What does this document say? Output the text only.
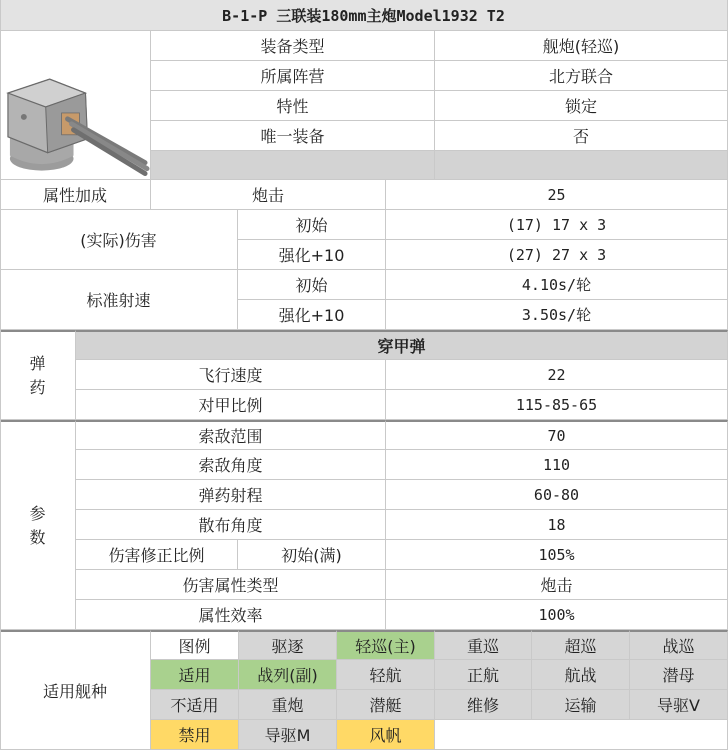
B-1-P 三联装180mm主炮Model1932 T2
装备类型	舰炮(轻巡)
所属阵营	北方联合
特性	锁定
唯一装备	否
属性加成	炮击	25
(实际)伤害
初始	(17) 17 x 3
强化+10	(27) 27 x 3
标准射速
初始	4.10s/轮
强化+10	3.50s/轮
弹
药
穿甲弹
飞行速度	22
对甲比例	115-85-65
参
数
索敌范围	70
索敌角度	110
弹药射程	60-80
散布角度	18
伤害修正比例	初始(满)	105%
伤害属性类型	炮击
属性效率	100%
适用舰种
图例	驱逐	轻巡(主)	重巡	超巡	战巡
适用	战列(副)	轻航	正航	航战	潜母
不适用	重炮	潜艇	维修	运输	导驱V
禁用	导驱M	风帆
